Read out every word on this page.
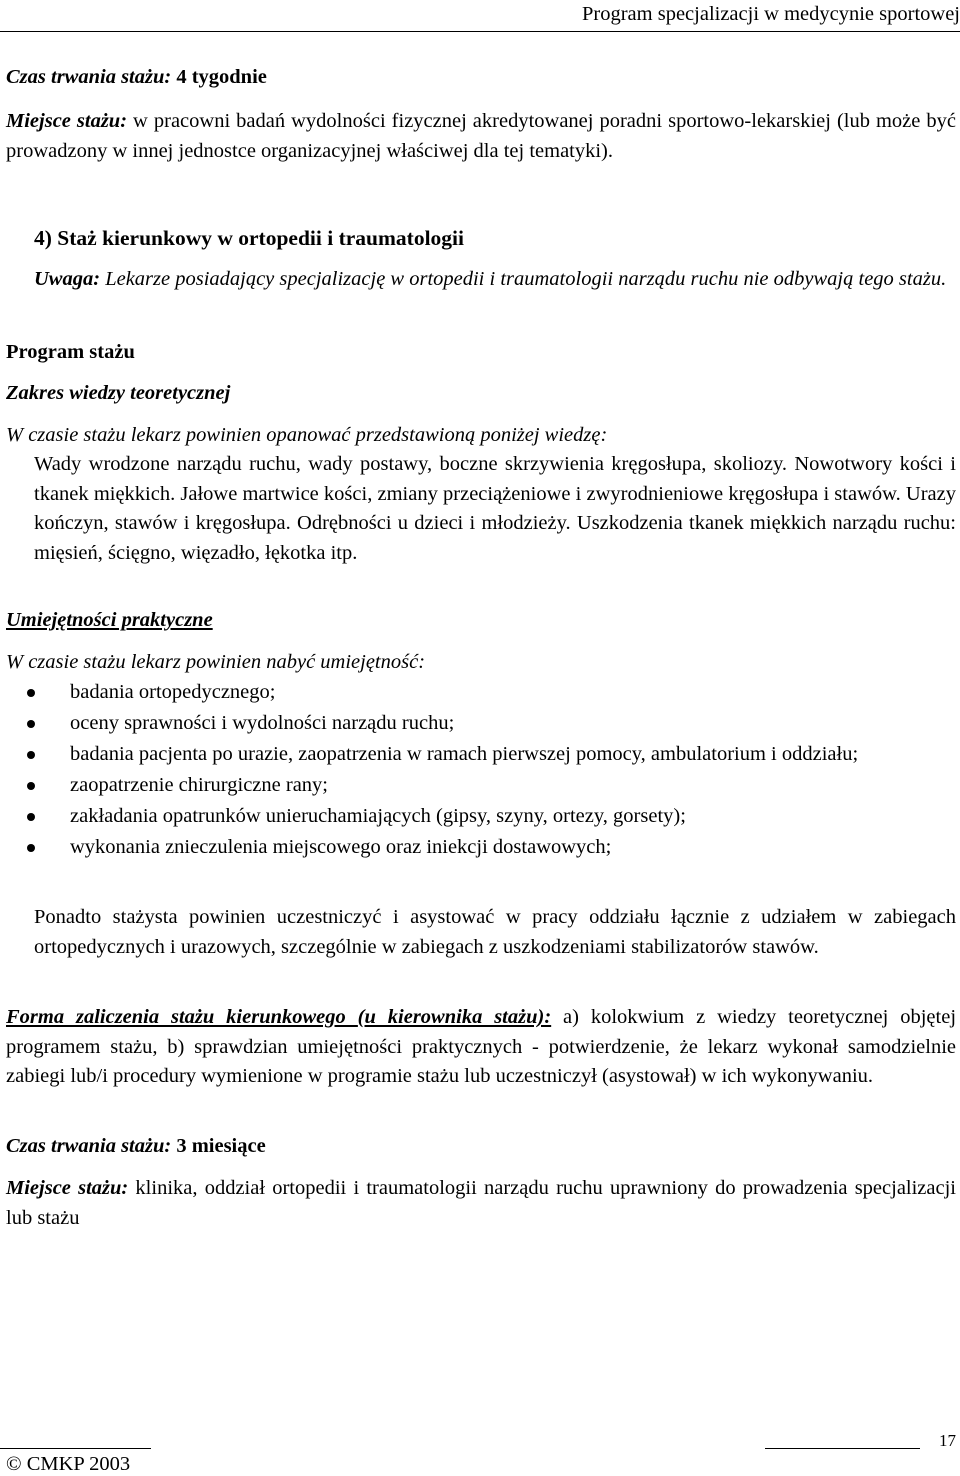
Program specjalizacji w medycynie sportowej

Czas trwania stażu: 4 tygodnie

Miejsce stażu: w pracowni badań wydolności fizycznej akredytowanej poradni sportowo-lekarskiej (lub może być prowadzony w innej jednostce organizacyjnej właściwej dla tej tematyki).

4) Staż kierunkowy w ortopedii i traumatologii

Uwaga: Lekarze posiadający specjalizację w ortopedii i traumatologii narządu ruchu nie odbywają tego stażu.

Program stażu

Zakres wiedzy teoretycznej

W czasie stażu lekarz powinien opanować przedstawioną poniżej wiedzę:

Wady wrodzone narządu ruchu, wady postawy, boczne skrzywienia kręgosłupa, skoliozy. Nowotwory kości i tkanek miękkich. Jałowe martwice kości, zmiany przeciążeniowe i zwyrodnieniowe kręgosłupa i stawów. Urazy kończyn, stawów i kręgosłupa. Odrębności u dzieci i młodzieży. Uszkodzenia tkanek miękkich narządu ruchu: mięsień, ścięgno, więzadło, łękotka itp.

Umiejętności praktyczne

W czasie stażu lekarz powinien nabyć umiejętność:

badania ortopedycznego;
oceny sprawności i wydolności narządu ruchu;
badania pacjenta po urazie, zaopatrzenia w ramach pierwszej pomocy, ambulatorium i oddziału;
zaopatrzenie chirurgiczne rany;
zakładania opatrunków unieruchamiających (gipsy, szyny, ortezy, gorsety);
wykonania znieczulenia miejscowego oraz iniekcji dostawowych;

Ponadto stażysta powinien uczestniczyć i asystować w pracy oddziału łącznie z udziałem w zabiegach ortopedycznych i urazowych, szczególnie w zabiegach z uszkodzeniami stabilizatorów stawów.

Forma zaliczenia stażu kierunkowego (u kierownika stażu): a) kolokwium z wiedzy teoretycznej objętej programem stażu, b) sprawdzian umiejętności praktycznych - potwierdzenie, że lekarz wykonał samodzielnie zabiegi lub/i procedury wymienione w programie stażu lub uczestniczył (asystował) w ich wykonywaniu.

Czas trwania stażu: 3 miesiące

Miejsce stażu: klinika, oddział ortopedii i traumatologii narządu ruchu uprawniony do prowadzenia specjalizacji lub stażu

© CMKP 2003
17
